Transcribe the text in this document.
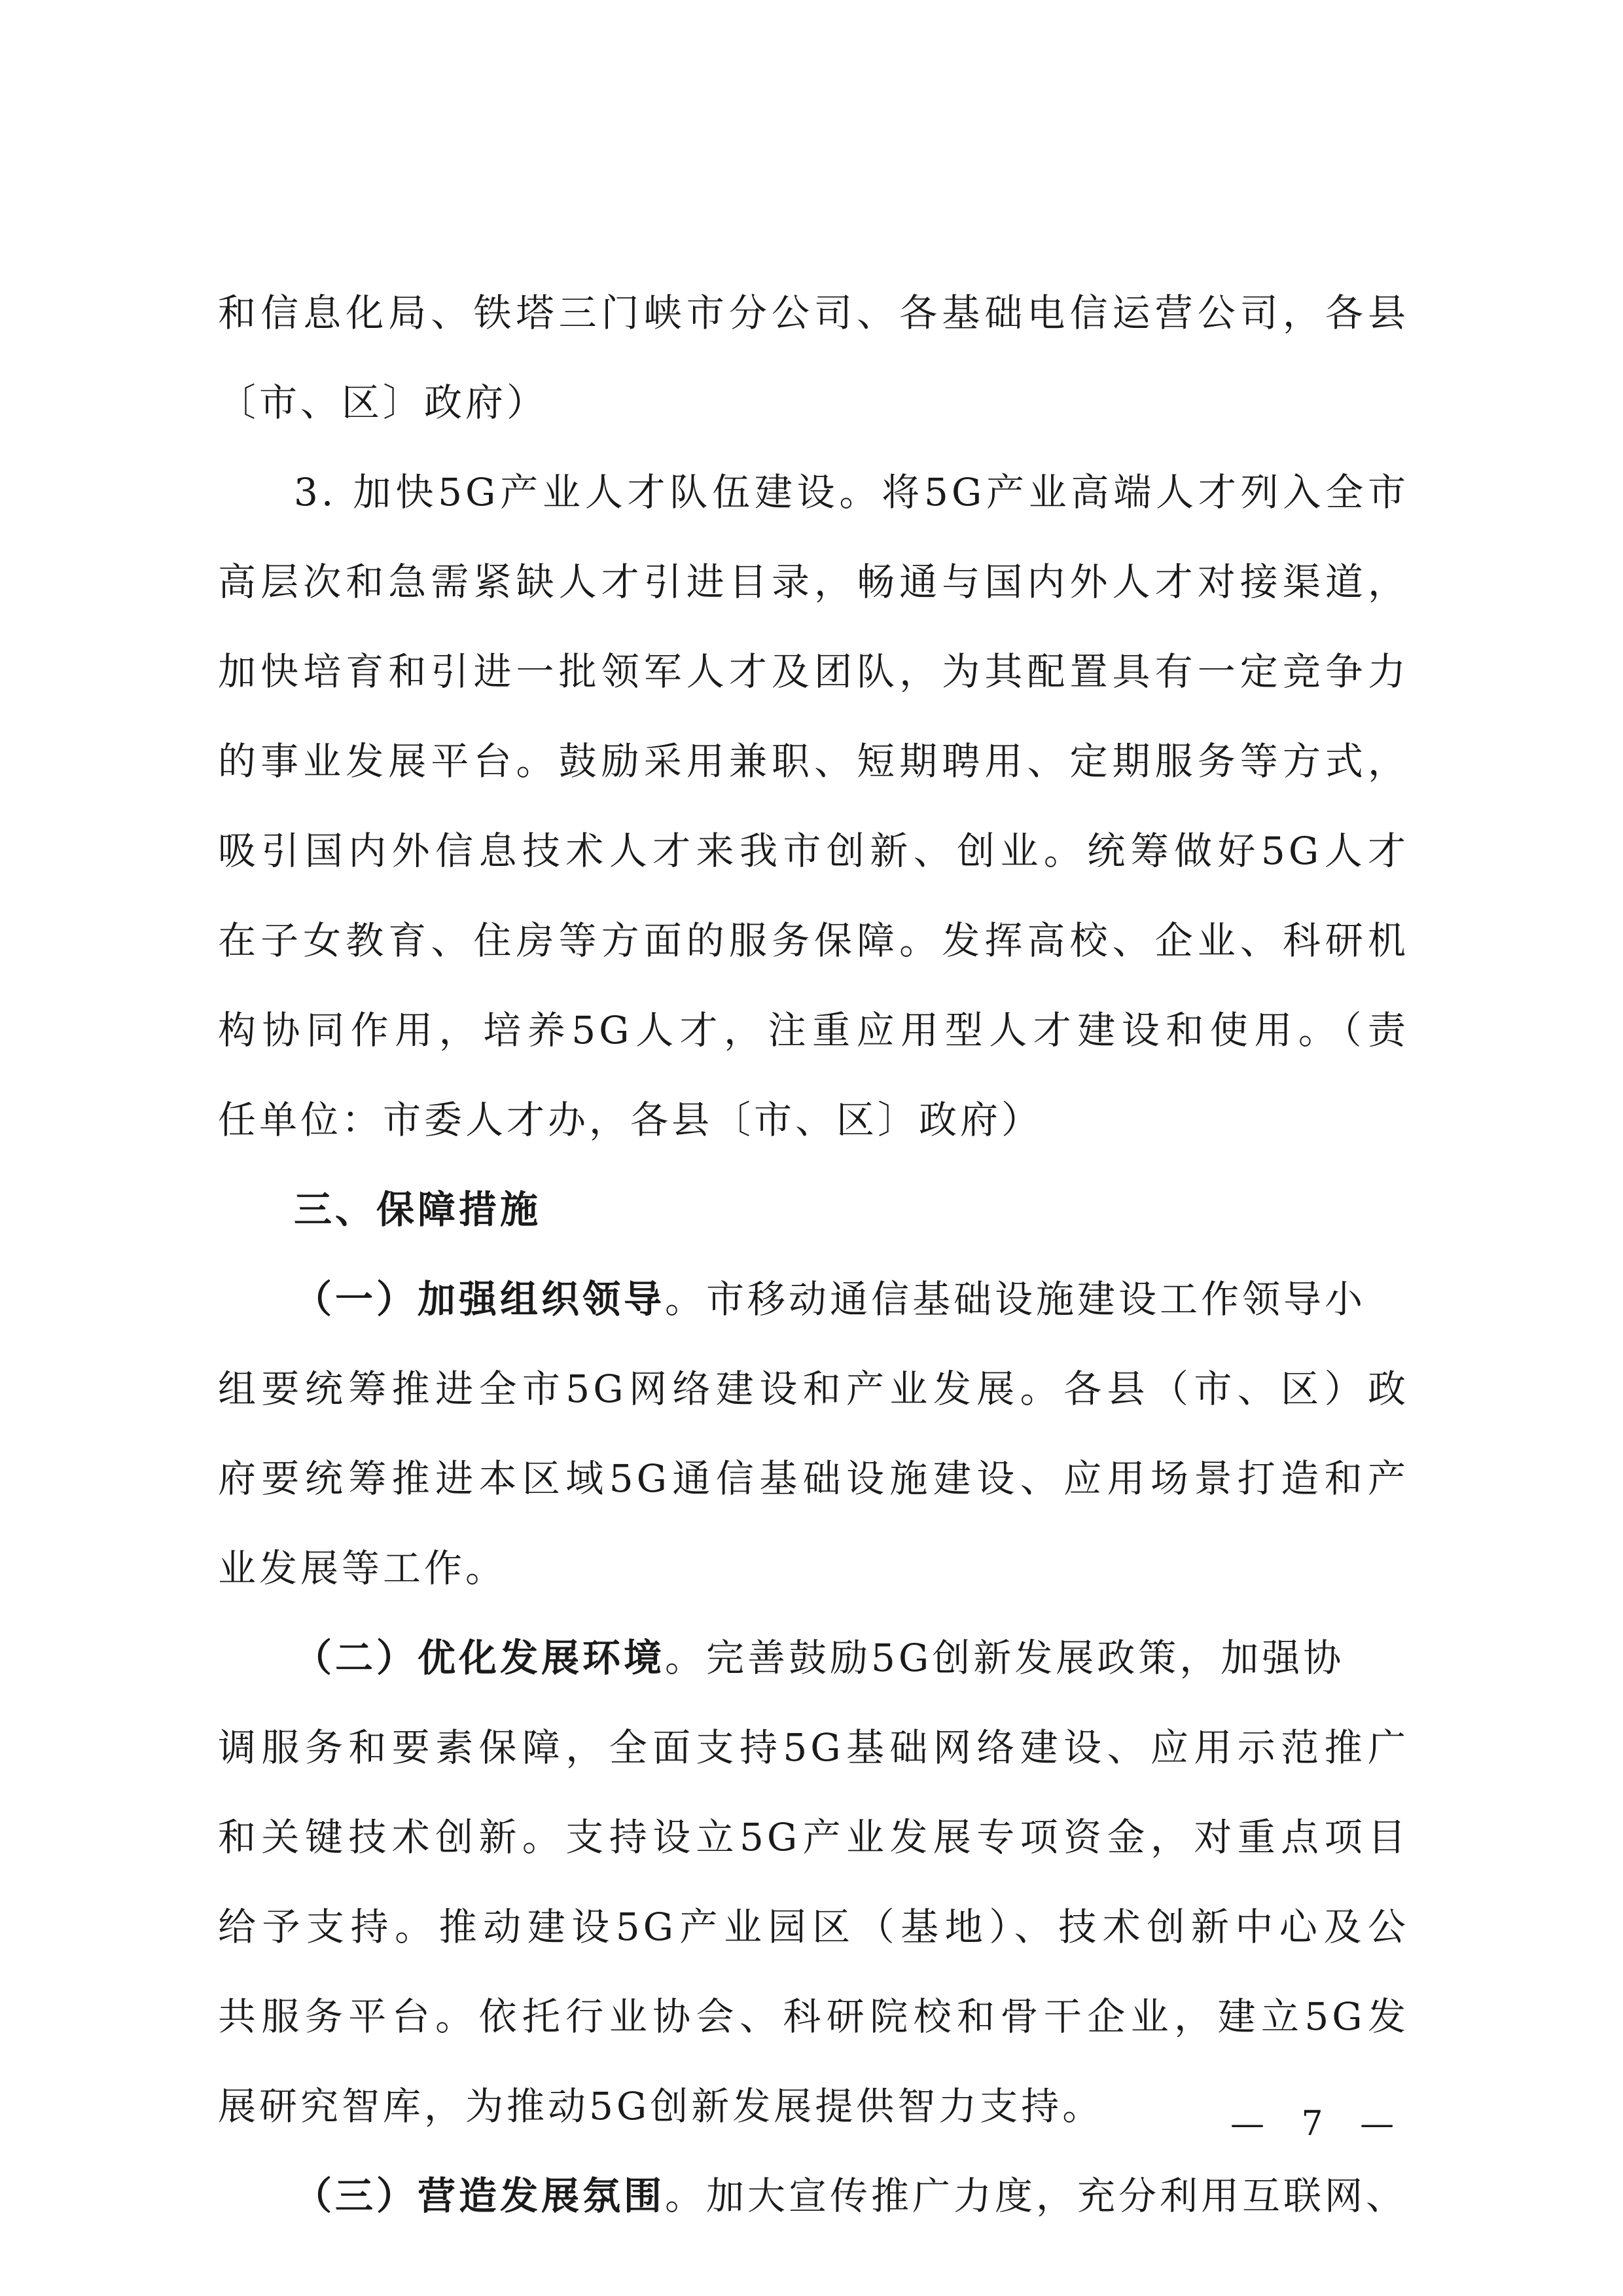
和信息化局、铁塔三门峡市分公司、各基础电信运营公司，各县
〔市、区〕政府）
3. 加快5G产业人才队伍建设。将5G产业高端人才列入全市
高层次和急需紧缺人才引进目录，畅通与国内外人才对接渠道，
加快培育和引进一批领军人才及团队，为其配置具有一定竞争力
的事业发展平台。鼓励采用兼职、短期聘用、定期服务等方式，
吸引国内外信息技术人才来我市创新、创业。统筹做好5G人才
在子女教育、住房等方面的服务保障。发挥高校、企业、科研机
构协同作用，培养5G人才，注重应用型人才建设和使用。（责
任单位：市委人才办，各县〔市、区〕政府）
三、保障措施
（一）加强组织领导。市移动通信基础设施建设工作领导小
组要统筹推进全市5G网络建设和产业发展。各县（市、区）政
府要统筹推进本区域5G通信基础设施建设、应用场景打造和产
业发展等工作。
（二）优化发展环境。完善鼓励5G创新发展政策，加强协
调服务和要素保障，全面支持5G基础网络建设、应用示范推广
和关键技术创新。支持设立5G产业发展专项资金，对重点项目
给予支持。推动建设5G产业园区（基地）、技术创新中心及公
共服务平台。依托行业协会、科研院校和骨干企业，建立5G发
展研究智库，为推动5G创新发展提供智力支持。
（三）营造发展氛围。加大宣传推广力度，充分利用互联网、
— 7 —
